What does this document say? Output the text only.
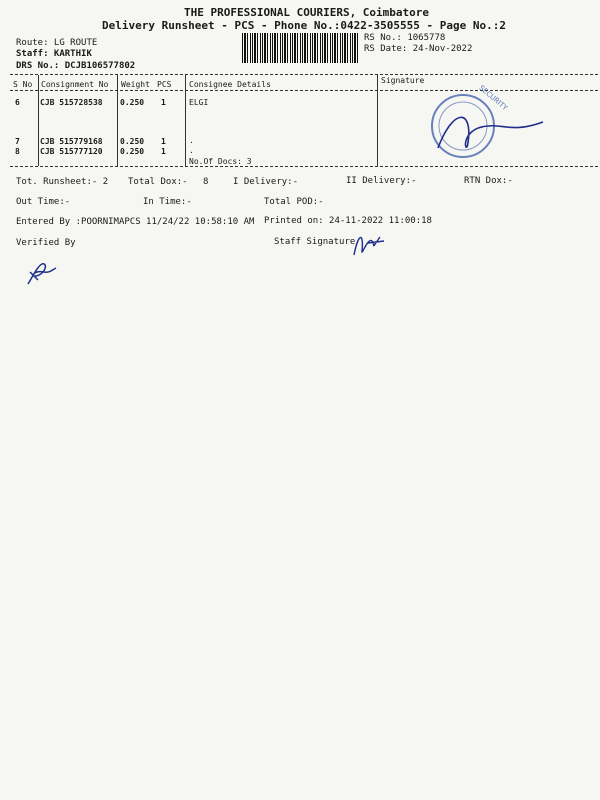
THE PROFESSIONAL COURIERS, Coimbatore
Delivery Runsheet - PCS - Phone No.:0422-3505555 - Page No.:2
Route: LG ROUTE
Staff: KARTHIK
DRS No.: DCJB106577802
RS No.: 1065778
RS Date: 24-Nov-2022
S No Consignment No Weight PCS Consignee Details	Signature
6	CJB 515728538 0.250 1	ELGI
7	CJB 515779168 0.250 1	.
8	CJB 515777120 0.250 1	.
No.Of Docs: 3
SECURITY
Tot. Runsheet:- 2 Total Dox:- 8	I Delivery:-	II Delivery:-	RTN Dox:-
Out Time:-	In Time:-	Total POD:-
Entered By :POORNIMAPCS 11/24/22 10:58:10 AM Printed on: 24-11-2022 11:00:18
Verified By	Staff Signature
